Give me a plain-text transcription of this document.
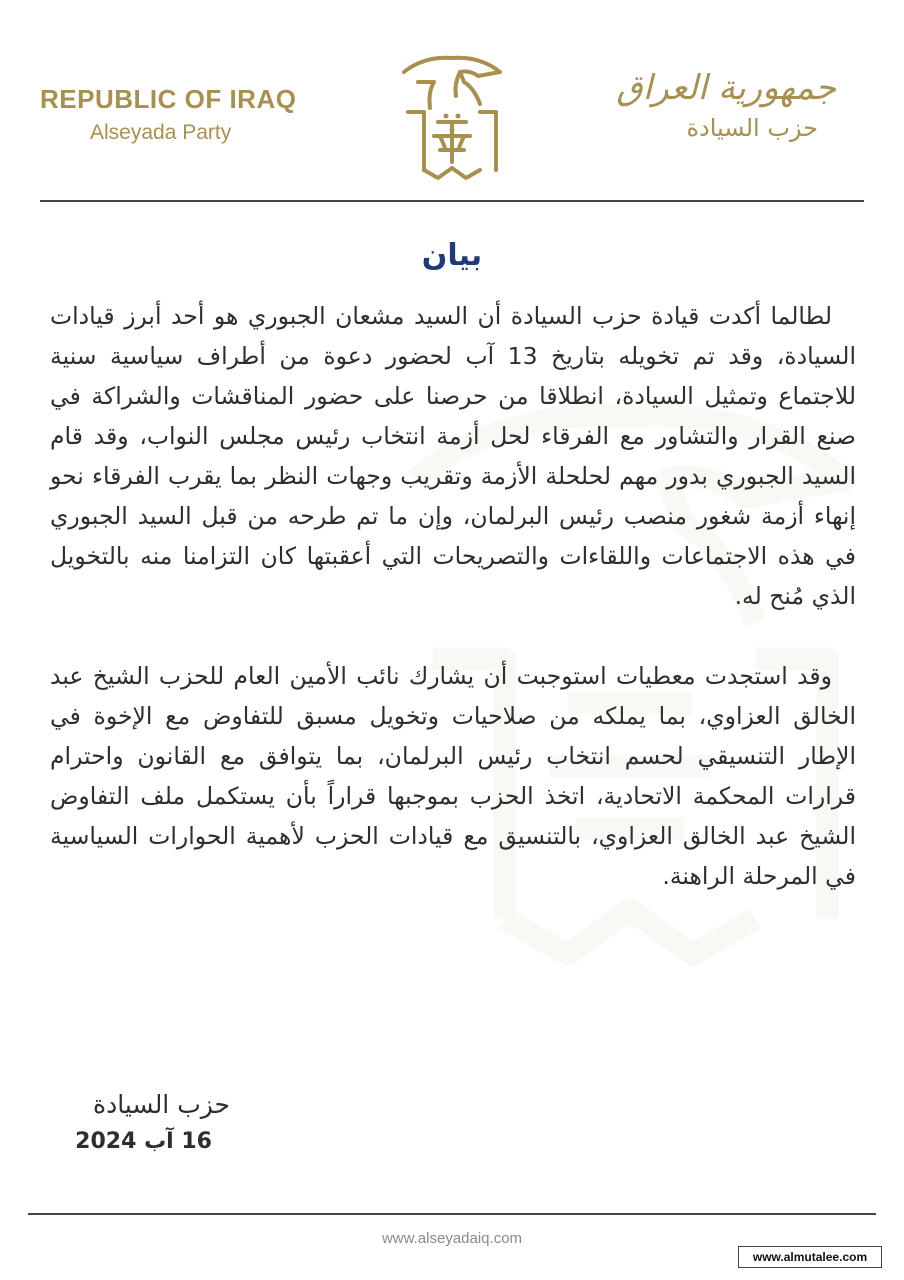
REPUBLIC OF IRAQ
Alseyada Party
جمهورية العراق
حزب السيادة
بيان

لطالما أكدت قيادة حزب السيادة أن السيد مشعان الجبوري هو أحد أبرز قيادات السيادة، وقد تم تخويله بتاريخ 13 آب لحضور دعوة من أطراف سياسية سنية للاجتماع وتمثيل السيادة، انطلاقا من حرصنا على حضور المناقشات والشراكة في صنع القرار والتشاور مع الفرقاء لحل أزمة انتخاب رئيس مجلس النواب، وقد قام السيد الجبوري بدور مهم لحلحلة الأزمة وتقريب وجهات النظر بما يقرب الفرقاء نحو إنهاء أزمة شغور منصب رئيس البرلمان، وإن ما تم طرحه من قبل السيد الجبوري في هذه الاجتماعات واللقاءات والتصريحات التي أعقبتها كان التزامنا منه بالتخويل الذي مُنح له.

وقد استجدت معطيات استوجبت أن يشارك نائب الأمين العام للحزب الشيخ عبد الخالق العزاوي، بما يملكه من صلاحيات وتخويل مسبق للتفاوض مع الإخوة في الإطار التنسيقي لحسم انتخاب رئيس البرلمان، بما يتوافق مع القانون واحترام قرارات المحكمة الاتحادية، اتخذ الحزب بموجبها قراراً بأن يستكمل ملف التفاوض الشيخ عبد الخالق العزاوي، بالتنسيق مع قيادات الحزب لأهمية الحوارات السياسية في المرحلة الراهنة.

حزب السيادة
16 آب 2024
www.alseyadaiq.com
www.almutalee.com
